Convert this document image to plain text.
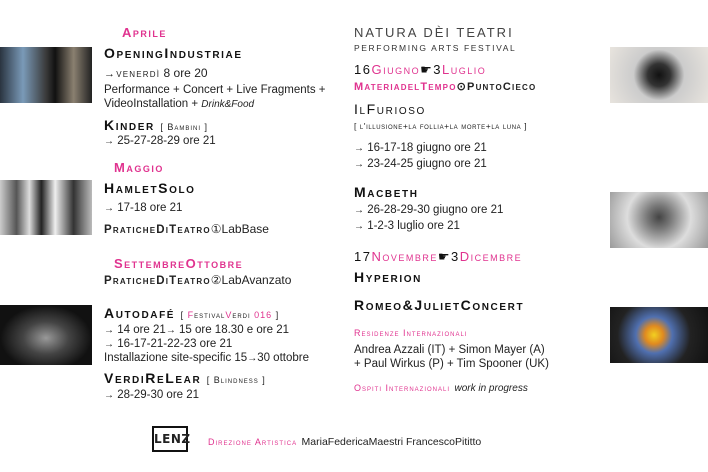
Aprile
OpeningIndustriae
→venerdì 8 ore 20
Performance + Concert + Live Fragments +
VideoInstallation + Drink&Food
Kinder [ Bambini ]
→ 25-27-28-29 ore 21
Maggio
HamletSolo
→ 17-18 ore 21
PraticheDiTeatro①LabBase
SettembreOttobre
PraticheDiTeatro②LabAvanzato
Autodafé [ FestivalVerdi 016 ]
→ 14 ore 21→ 15 ore 18.30 e ore 21
→ 16-17-21-22-23 ore 21
Installazione site-specific 15→30 ottobre
VerdiReLear [ Blindness ]
→ 28-29-30 ore 21
NATURA DÈI TEATRI
PERFORMING ARTS FESTIVAL
16Giugno☛3Luglio
MateriadelTempo⊙PuntoCieco
IlFurioso
[ l'illusione+la follia+la morte+la luna ]
→ 16-17-18 giugno ore 21
→ 23-24-25 giugno ore 21
Macbeth
→ 26-28-29-30 giugno ore 21
→ 1-2-3 luglio ore 21
17Novembre☛3Dicembre
Hyperion
Romeo&JulietConcert
Residenze Internazionali
Andrea Azzali (IT) + Simon Mayer (A)
+ Paul Wirkus (P) + Tim Spooner (UK)
Ospiti Internazionali work in progress
LENZ Direzione Artistica MariaFedericaMaestri FrancescoPititto
